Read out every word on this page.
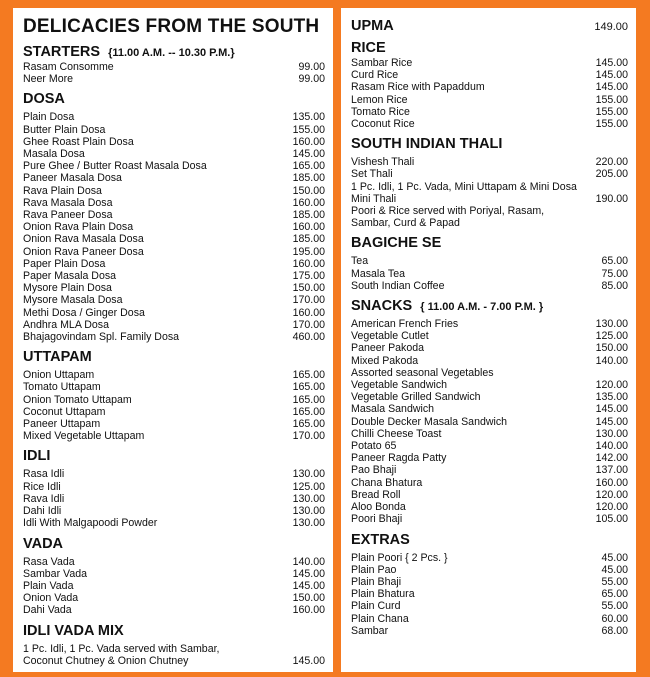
DELICACIES FROM THE SOUTH
STARTERS {11.00 A.M. -- 10.30 P.M.}
Rasam Consomme	99.00
Neer More	99.00
DOSA
Plain Dosa	135.00
Butter Plain Dosa	155.00
Ghee Roast Plain Dosa	160.00
Masala Dosa	145.00
Pure Ghee / Butter Roast Masala Dosa	165.00
Paneer Masala Dosa	185.00
Rava Plain Dosa	150.00
Rava Masala Dosa	160.00
Rava Paneer Dosa	185.00
Onion Rava Plain Dosa	160.00
Onion Rava Masala Dosa	185.00
Onion Rava Paneer Dosa	195.00
Paper Plain Dosa	160.00
Paper Masala Dosa	175.00
Mysore Plain Dosa	150.00
Mysore Masala Dosa	170.00
Methi Dosa / Ginger Dosa	160.00
Andhra MLA Dosa	170.00
Bhajagovindam Spl. Family Dosa	460.00
UTTAPAM
Onion Uttapam	165.00
Tomato Uttapam	165.00
Onion Tomato Uttapam	165.00
Coconut Uttapam	165.00
Paneer Uttapam	165.00
Mixed Vegetable Uttapam	170.00
IDLI
Rasa Idli	130.00
Rice Idli	125.00
Rava Idli	130.00
Dahi Idli	130.00
Idli With Malgapoodi Powder	130.00
VADA
Rasa Vada	140.00
Sambar Vada	145.00
Plain Vada	145.00
Onion Vada	150.00
Dahi Vada	160.00
IDLI VADA MIX
1 Pc. Idli, 1 Pc. Vada served with Sambar,
Coconut Chutney & Onion Chutney	145.00
UPMA	149.00
RICE
Sambar Rice	145.00
Curd Rice	145.00
Rasam Rice with Papaddum	145.00
Lemon Rice	155.00
Tomato Rice	155.00
Coconut Rice	155.00
SOUTH INDIAN THALI
Vishesh Thali	220.00
Set Thali	205.00
1 Pc. Idli, 1 Pc. Vada, Mini Uttapam & Mini Dosa
Mini Thali	190.00
Poori & Rice served with Poriyal, Rasam,
Sambar, Curd & Papad
BAGICHE SE
Tea	65.00
Masala Tea	75.00
South Indian Coffee	85.00
SNACKS { 11.00 A.M. - 7.00 P.M. }
American French Fries	130.00
Vegetable Cutlet	125.00
Paneer Pakoda	150.00
Mixed Pakoda	140.00
Assorted seasonal Vegetables
Vegetable Sandwich	120.00
Vegetable Grilled Sandwich	135.00
Masala Sandwich	145.00
Double Decker Masala Sandwich	145.00
Chilli Cheese Toast	130.00
Potato 65	140.00
Paneer Ragda Patty	142.00
Pao Bhaji	137.00
Chana Bhatura	160.00
Bread Roll	120.00
Aloo Bonda	120.00
Poori Bhaji	105.00
EXTRAS
Plain Poori { 2 Pcs. }	45.00
Plain Pao	45.00
Plain Bhaji	55.00
Plain Bhatura	65.00
Plain Curd	55.00
Plain Chana	60.00
Sambar	68.00
